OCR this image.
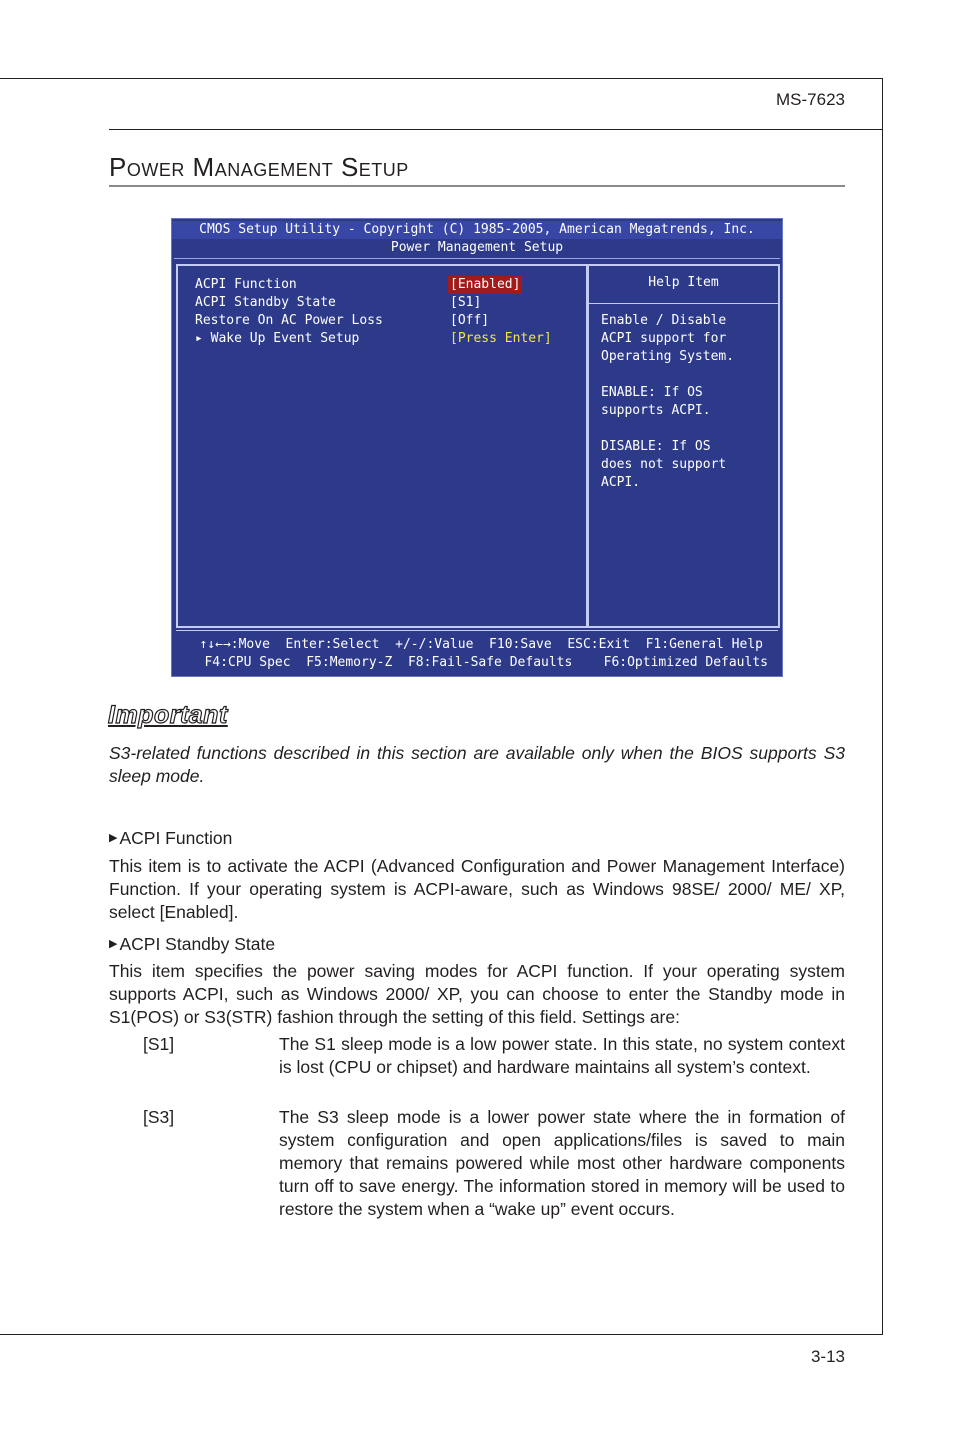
MS-7623
Power Management Setup
CMOS Setup Utility - Copyright (C) 1985-2005, American Megatrends, Inc.
Power Management Setup
ACPI Function	[Enabled]
ACPI Standby State	[S1]
Restore On AC Power Loss	[Off]
▸ Wake Up Event Setup	[Press Enter]
Help Item
Enable / Disable
ACPI support for
Operating System.
ENABLE: If OS
supports ACPI.
DISABLE: If OS
does not support
ACPI.
↑↓←→:Move  Enter:Select  +/-/:Value  F10:Save  ESC:Exit  F1:General Help
F4:CPU Spec  F5:Memory-Z  F8:Fail-Safe Defaults    F6:Optimized Defaults
Important
S3-related functions described in this section are available only when the BIOS supports S3 sleep mode.
▶ ACPI Function
This item is to activate the ACPI (Advanced Configuration and Power Management Interface) Function. If your operating system is ACPI-aware, such as Windows 98SE/ 2000/ ME/ XP, select [Enabled].
▶ ACPI Standby State
This item specifies the power saving modes for ACPI function. If your operating system supports ACPI, such as Windows 2000/ XP, you can choose to enter the Standby mode in S1(POS) or S3(STR) fashion through the setting of this field. Settings are:
[S1]	The S1 sleep mode is a low power state. In this state, no system context is lost (CPU or chipset) and hardware maintains all system’s context.
[S3]	The S3 sleep mode is a lower power state where the in formation of system configuration and open applications/files is saved to main memory that remains powered while most other hardware components turn off to save energy. The information stored in memory will be used to restore the system when a “wake up” event occurs.
3-13
